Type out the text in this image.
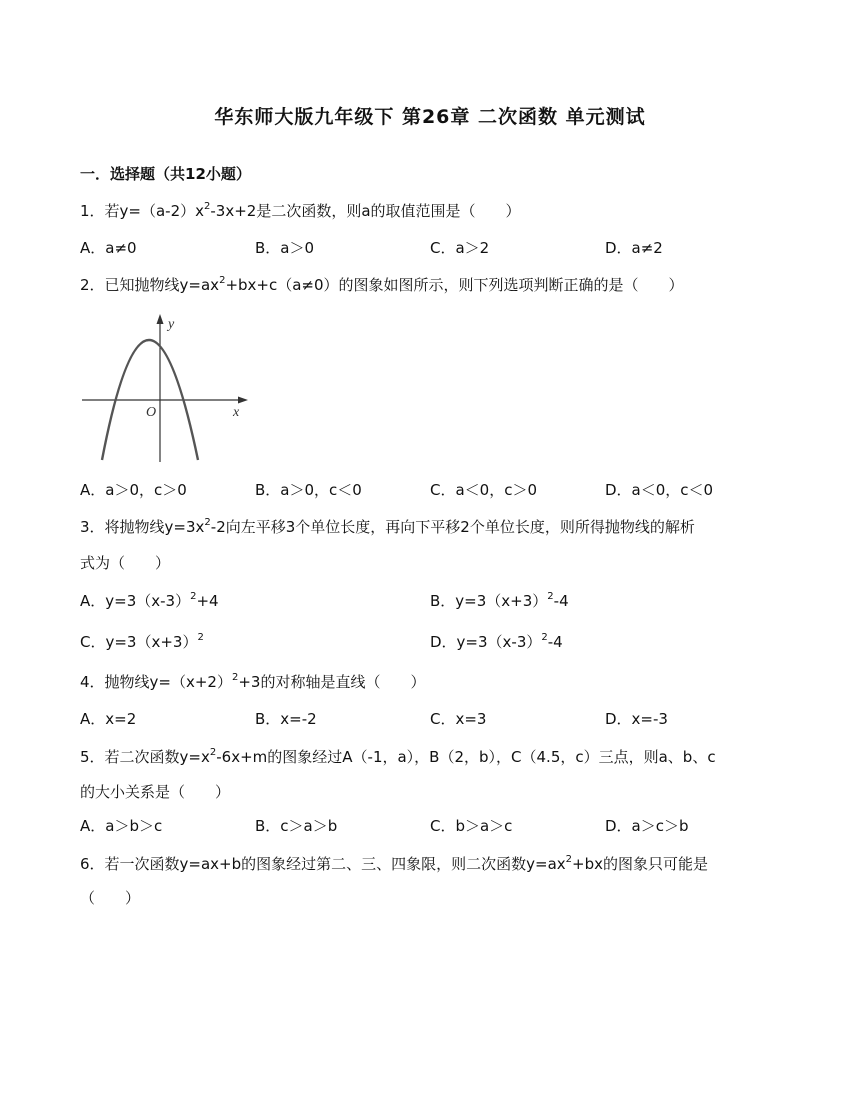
华东师大版九年级下 第26章 二次函数 单元测试
一．选择题（共12小题）
1．若$y=(a-2)x^2-3x+2$是二次函数，则a的取值范围是（　　）
A．a≠0	B．a＞0	C．a＞2	D．a≠2
2．已知抛物线$y=ax^2+bx+c(a\ne 0)$的图象如图所示，则下列选项判断正确的是（　　）
y
x
O
A．a＞0，c＞0	B．a＞0，c＜0	C．a＜0，c＞0	D．a＜0，c＜0
3．将抛物线$y=3x^2-2$向左平移3个单位长度，再向下平移2个单位长度，则所得抛物线的解析
式为（　　）
A．$y=3(x-3)^2+4$	B．$y=3(x+3)^2-4$
C．$y=3(x+3)^2$	D．$y=3(x-3)^2-4$
4．抛物线$y=(x+2)^2+3$的对称轴是直线（　　）
A．x=2	B．x=-2	C．x=3	D．x=-3
5．若二次函数$y=x^2-6x+m$的图象经过A（-1，a），B（2，b），C（4.5，c）三点，则a、b、c
的大小关系是（　　）
A．a＞b＞c	B．c＞a＞b	C．b＞a＞c	D．a＞c＞b
6．若一次函数y=ax+b的图象经过第二、三、四象限，则二次函数$y=ax^2+bx$的图象只可能是
（　　）
